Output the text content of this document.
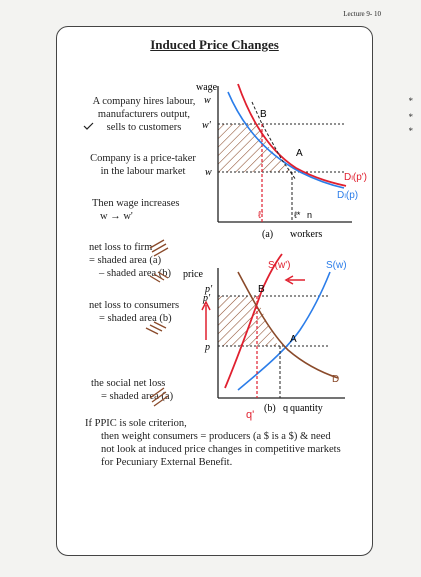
Lecture 9- 10
*
*
*
Induced Price Changes
A company hires labour,
manufacturers output,
sells to customers
Company is a price-taker
in the labour market
Then wage increases
w → w'
net loss to firm
= shaded area (a)
– shaded area (b)
net loss to consumers
= shaded area (b)
the social net loss
= shaded area (a)
If PPIC is sole criterion,
then weight consumers = producers (a $ is a $) & need
not look at induced price changes in competitive markets
for Pecuniary External Benefit.
wage
w
w'
w
B
A
Dₗ(p')
Dₗ(p)
ℓ'	ℓ* n
(a) workers
price
p'
p'
p
S(w')	S(w)
B
A
D
q'
q
(b) quantity
